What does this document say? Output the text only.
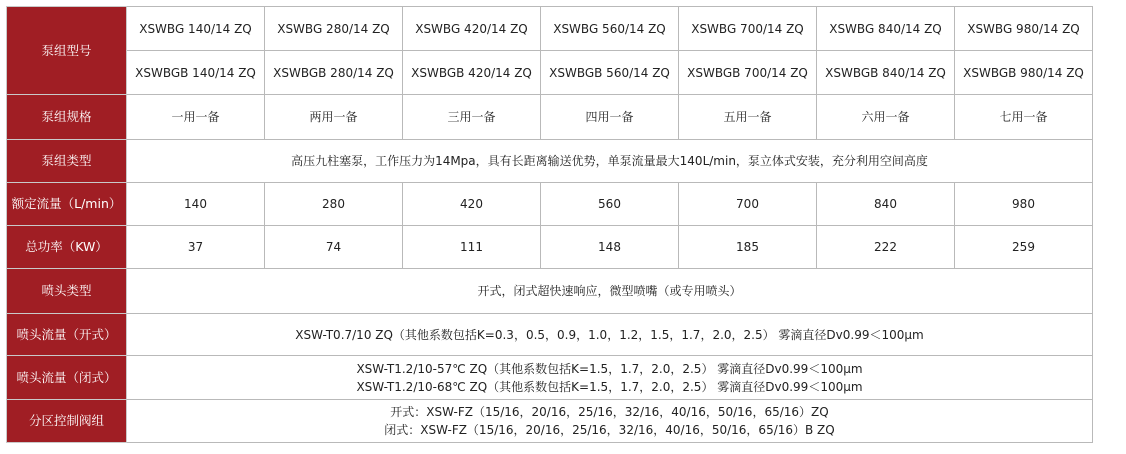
泵组型号	XSWBG 140/14 ZQ	XSWBG 280/14 ZQ	XSWBG 420/14 ZQ	XSWBG 560/14 ZQ	XSWBG 700/14 ZQ	XSWBG 840/14 ZQ	XSWBG 980/14 ZQ
	XSWBGB 140/14 ZQ	XSWBGB 280/14 ZQ	XSWBGB 420/14 ZQ	XSWBGB 560/14 ZQ	XSWBGB 700/14 ZQ	XSWBGB 840/14 ZQ	XSWBGB 980/14 ZQ
泵组规格	一用一备	两用一备	三用一备	四用一备	五用一备	六用一备	七用一备
泵组类型	高压九柱塞泵，工作压力为14Mpa，具有长距离输送优势，单泵流量最大140L/min，泵立体式安装，充分利用空间高度						
额定流量（L/min）	140	280	420	560	700	840	980
总功率（KW）	37	74	111	148	185	222	259
喷头类型	开式，闭式超快速响应，微型喷嘴（或专用喷头）						
喷头流量（开式）	XSW-T0.7/10 ZQ（其他系数包括K=0.3，0.5，0.9，1.0，1.2，1.5，1.7，2.0，2.5） 雾滴直径Dv0.99＜100μm						
喷头流量（闭式）	XSW-T1.2/10-57℃ ZQ（其他系数包括K=1.5，1.7，2.0，2.5） 雾滴直径Dv0.99＜100μm
XSW-T1.2/10-68℃ ZQ（其他系数包括K=1.5，1.7，2.0，2.5） 雾滴直径Dv0.99＜100μm						

分区控制阀组	开式：XSW-FZ（15/16，20/16，25/16，32/16，40/16，50/16，65/16）ZQ
闭式：XSW-FZ（15/16，20/16，25/16，32/16，40/16，50/16，65/16）B ZQ						
